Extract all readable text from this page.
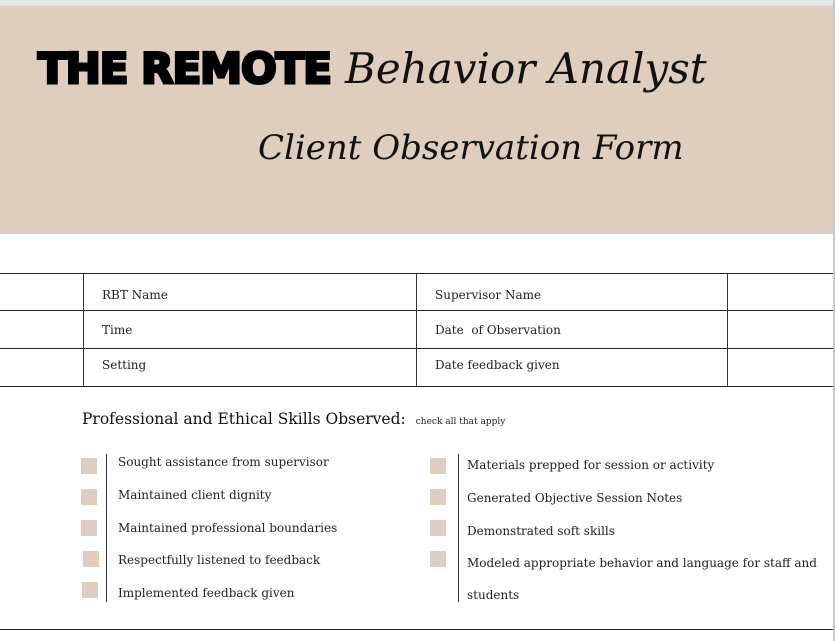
THE REMOTE Behavior Analyst
Client Observation Form
RBT Name	Supervisor Name
Time	Date  of Observation
Setting	Date feedback given
Professional and Ethical Skills Observed: check all that apply
Sought assistance from supervisor
Maintained client dignity
Maintained professional boundaries
Respectfully listened to feedback
Implemented feedback given
Materials prepped for session or activity
Generated Objective Session Notes
Demonstrated soft skills
Modeled appropriate behavior and language for staff and
students
